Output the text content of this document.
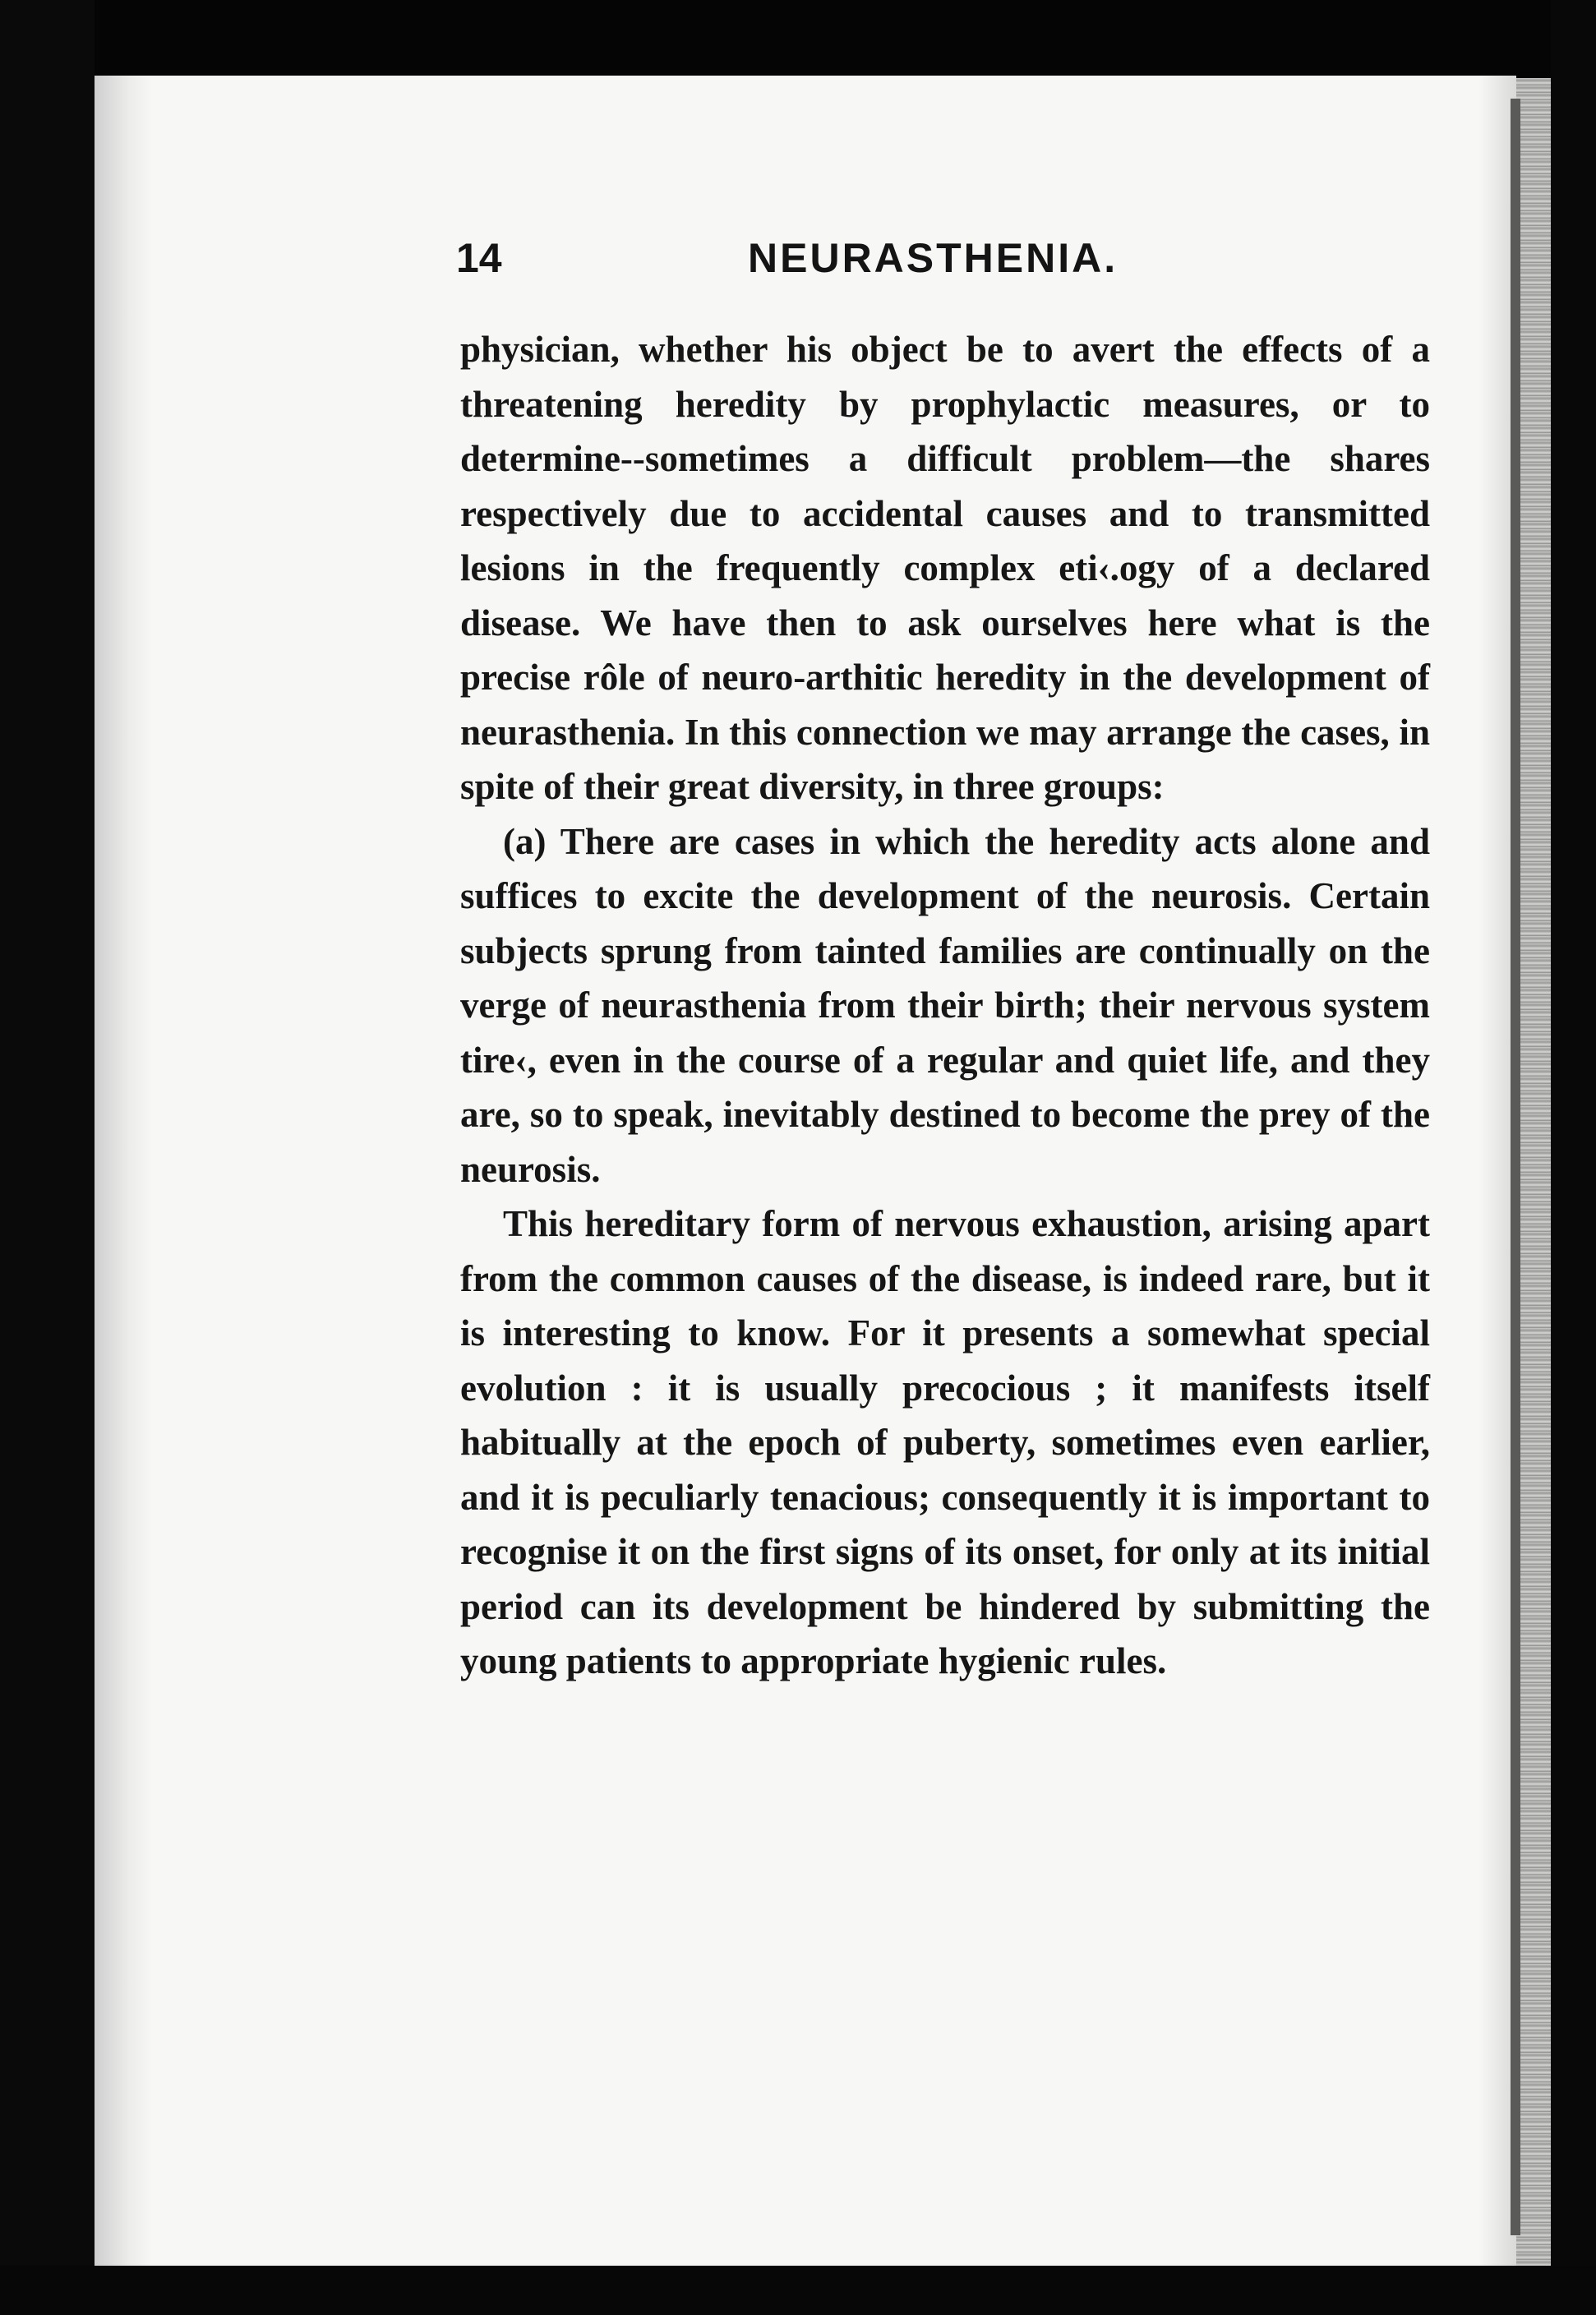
14	NEURASTHENIA.

physician, whether his object be to avert the effects of a threatening heredity by prophylactic measures, or to determine--sometimes a difficult problem—the shares respectively due to accidental causes and to transmitted lesions in the frequently complex eti‹.ogy of a declared disease. We have then to ask ourselves here what is the precise rôle of neuro-arthitic heredity in the development of neurasthenia. In this connection we may arrange the cases, in spite of their great diversity, in three groups:

(a) There are cases in which the heredity acts alone and suffices to excite the development of the neurosis. Certain subjects sprung from tainted families are continually on the verge of neurasthenia from their birth; their nervous system tire‹, even in the course of a regular and quiet life, and they are, so to speak, inevitably destined to become the prey of the neurosis.

This hereditary form of nervous exhaustion, arising apart from the common causes of the disease, is indeed rare, but it is interesting to know. For it presents a somewhat special evolution : it is usually precocious ; it manifests itself habitually at the epoch of puberty, sometimes even earlier, and it is peculiarly tenacious; consequently it is important to recognise it on the first signs of its onset, for only at its initial period can its development be hindered by submitting the young patients to appropriate hygienic rules.
